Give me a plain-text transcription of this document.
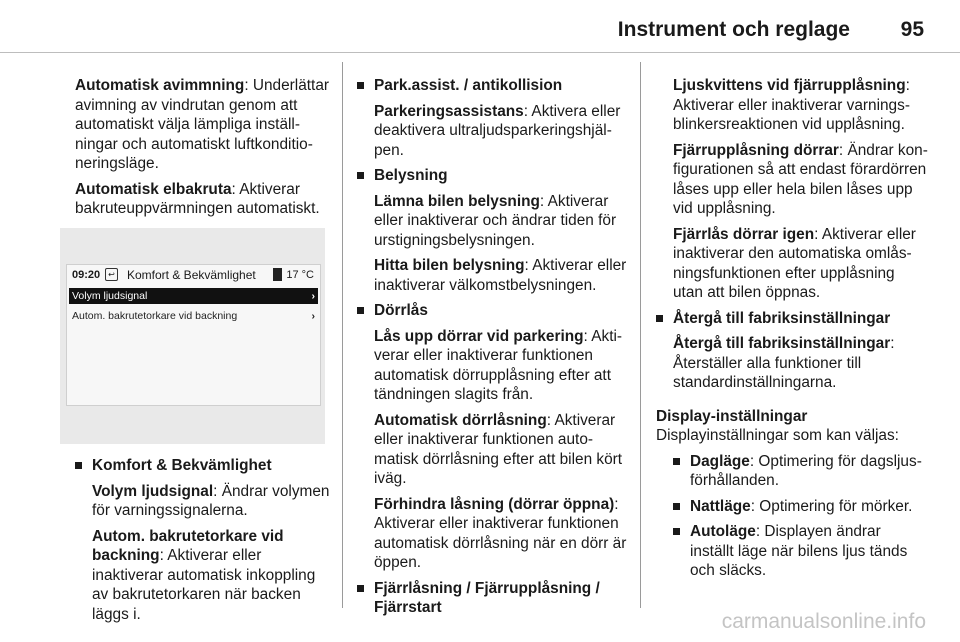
Instrument och reglage 95

Automatisk avimmning: Underlättar avimning av vindrutan genom att automatiskt välja lämpliga inställningar och automatiskt luftkonditioneringsläge.

Automatisk elbakruta: Aktiverar bakruteuppvärmningen automatiskt.

09:20	↩ Komfort & Bekvämlighet	17 °C
Volym ljudsignal	›
Autom. bakrutetorkare vid backning	›

Komfort & Bekvämlighet

Volym ljudsignal: Ändrar volymen för varningssignalerna.

Autom. bakrutetorkare vid backning: Aktiverar eller inaktiverar automatisk inkoppling av bakrutetorkaren när backen läggs i.

Park.assist. / antikollision

Parkeringsassistans: Aktivera eller deaktivera ultraljudsparkeringshjälpen.

Belysning

Lämna bilen belysning: Aktiverar eller inaktiverar och ändrar tiden för urstigningsbelysningen.

Hitta bilen belysning: Aktiverar eller inaktiverar välkomstbelysningen.

Dörrlås

Lås upp dörrar vid parkering: Aktiverar eller inaktiverar funktionen automatisk dörrupplåsning efter att tändningen slagits från.

Automatisk dörrlåsning: Aktiverar eller inaktiverar funktionen automatisk dörrlåsning efter att bilen kört iväg.

Förhindra låsning (dörrar öppna): Aktiverar eller inaktiverar funktionen automatisk dörrlåsning när en dörr är öppen.

Fjärrlåsning / Fjärrupplåsning / Fjärrstart

Ljuskvittens vid fjärrupplåsning: Aktiverar eller inaktiverar varningsblinkersreaktionen vid upplåsning.

Fjärrupplåsning dörrar: Ändrar konfigurationen så att endast förardörren låses upp eller hela bilen låses upp vid upplåsning.

Fjärrlås dörrar igen: Aktiverar eller inaktiverar den automatiska omlåsningsfunktionen efter upplåsning utan att bilen öppnas.

Återgå till fabriksinställningar

Återgå till fabriksinställningar: Återställer alla funktioner till standardinställningarna.

Display-inställningar

Displayinställningar som kan väljas:

Dagläge: Optimering för dagsljusförhållanden.

Nattläge: Optimering för mörker.

Autoläge: Displayen ändrar inställt läge när bilens ljus tänds och släcks.

carmanualsonline.info
